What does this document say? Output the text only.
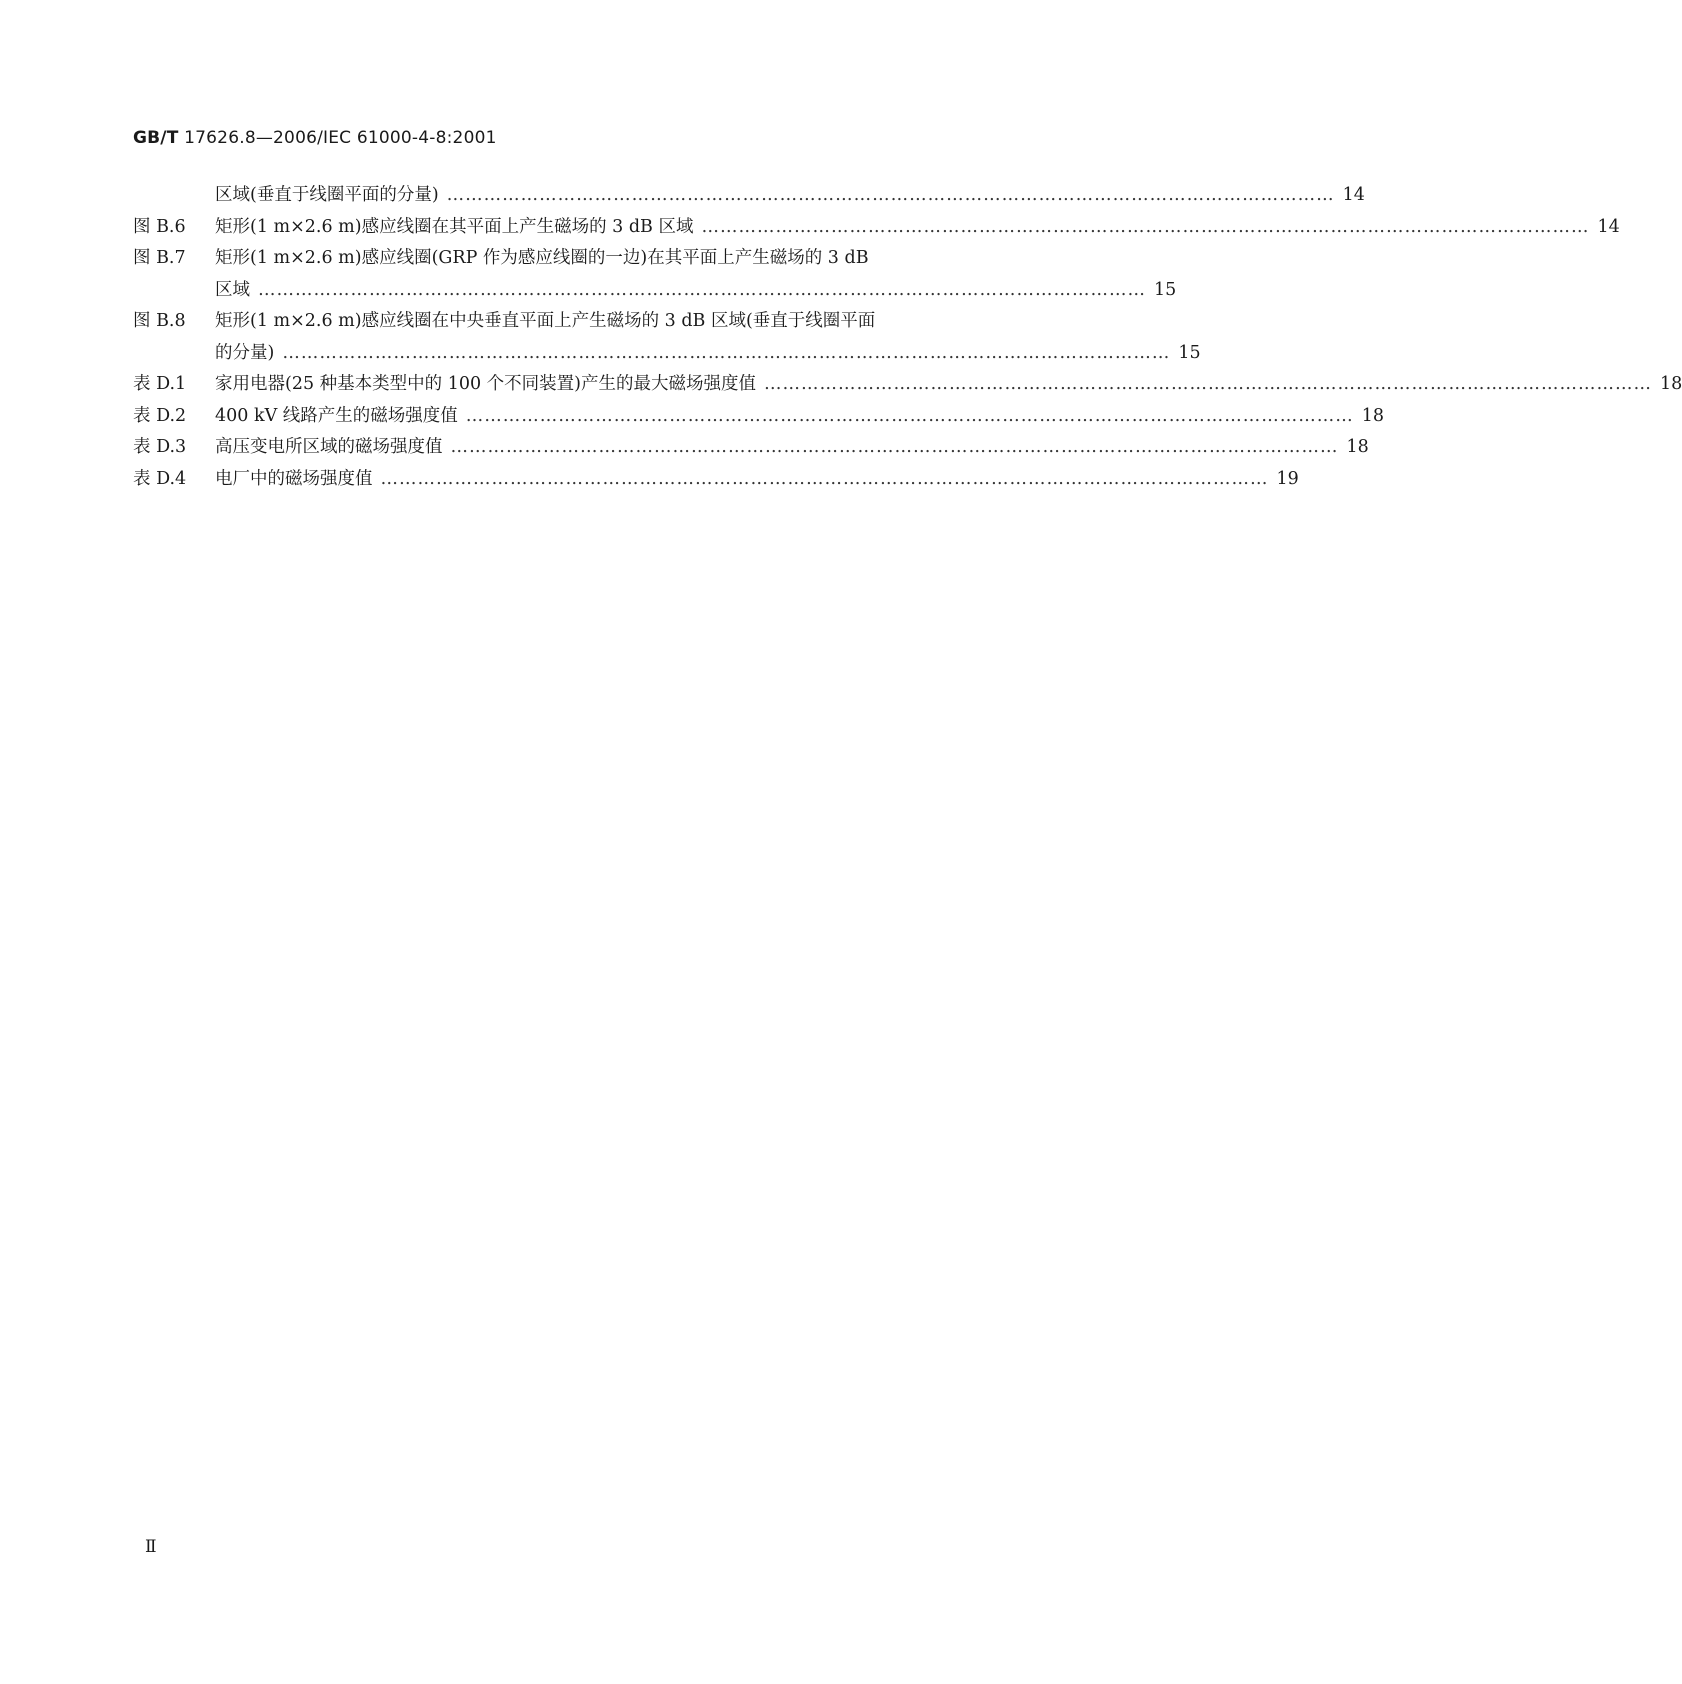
GB/T 17626.8—2006/IEC 61000-4-8:2001
区域(垂直于线圈平面的分量) ……………………………………………………………………………………………………………………………… 14
图 B.6 矩形(1 m×2.6 m)感应线圈在其平面上产生磁场的 3 dB 区域 ……………………………………………………………………………………………………………………………… 14
图 B.7 矩形(1 m×2.6 m)感应线圈(GRP 作为感应线圈的一边)在其平面上产生磁场的 3 dB
区域 ……………………………………………………………………………………………………………………………… 15
图 B.8 矩形(1 m×2.6 m)感应线圈在中央垂直平面上产生磁场的 3 dB 区域(垂直于线圈平面
的分量) ……………………………………………………………………………………………………………………………… 15
表 D.1 家用电器(25 种基本类型中的 100 个不同装置)产生的最大磁场强度值 ……………………………………………………………………………………………………………………………… 18
表 D.2 400 kV 线路产生的磁场强度值 ……………………………………………………………………………………………………………………………… 18
表 D.3 高压变电所区域的磁场强度值 ……………………………………………………………………………………………………………………………… 18
表 D.4 电厂中的磁场强度值 ……………………………………………………………………………………………………………………………… 19
Ⅱ
